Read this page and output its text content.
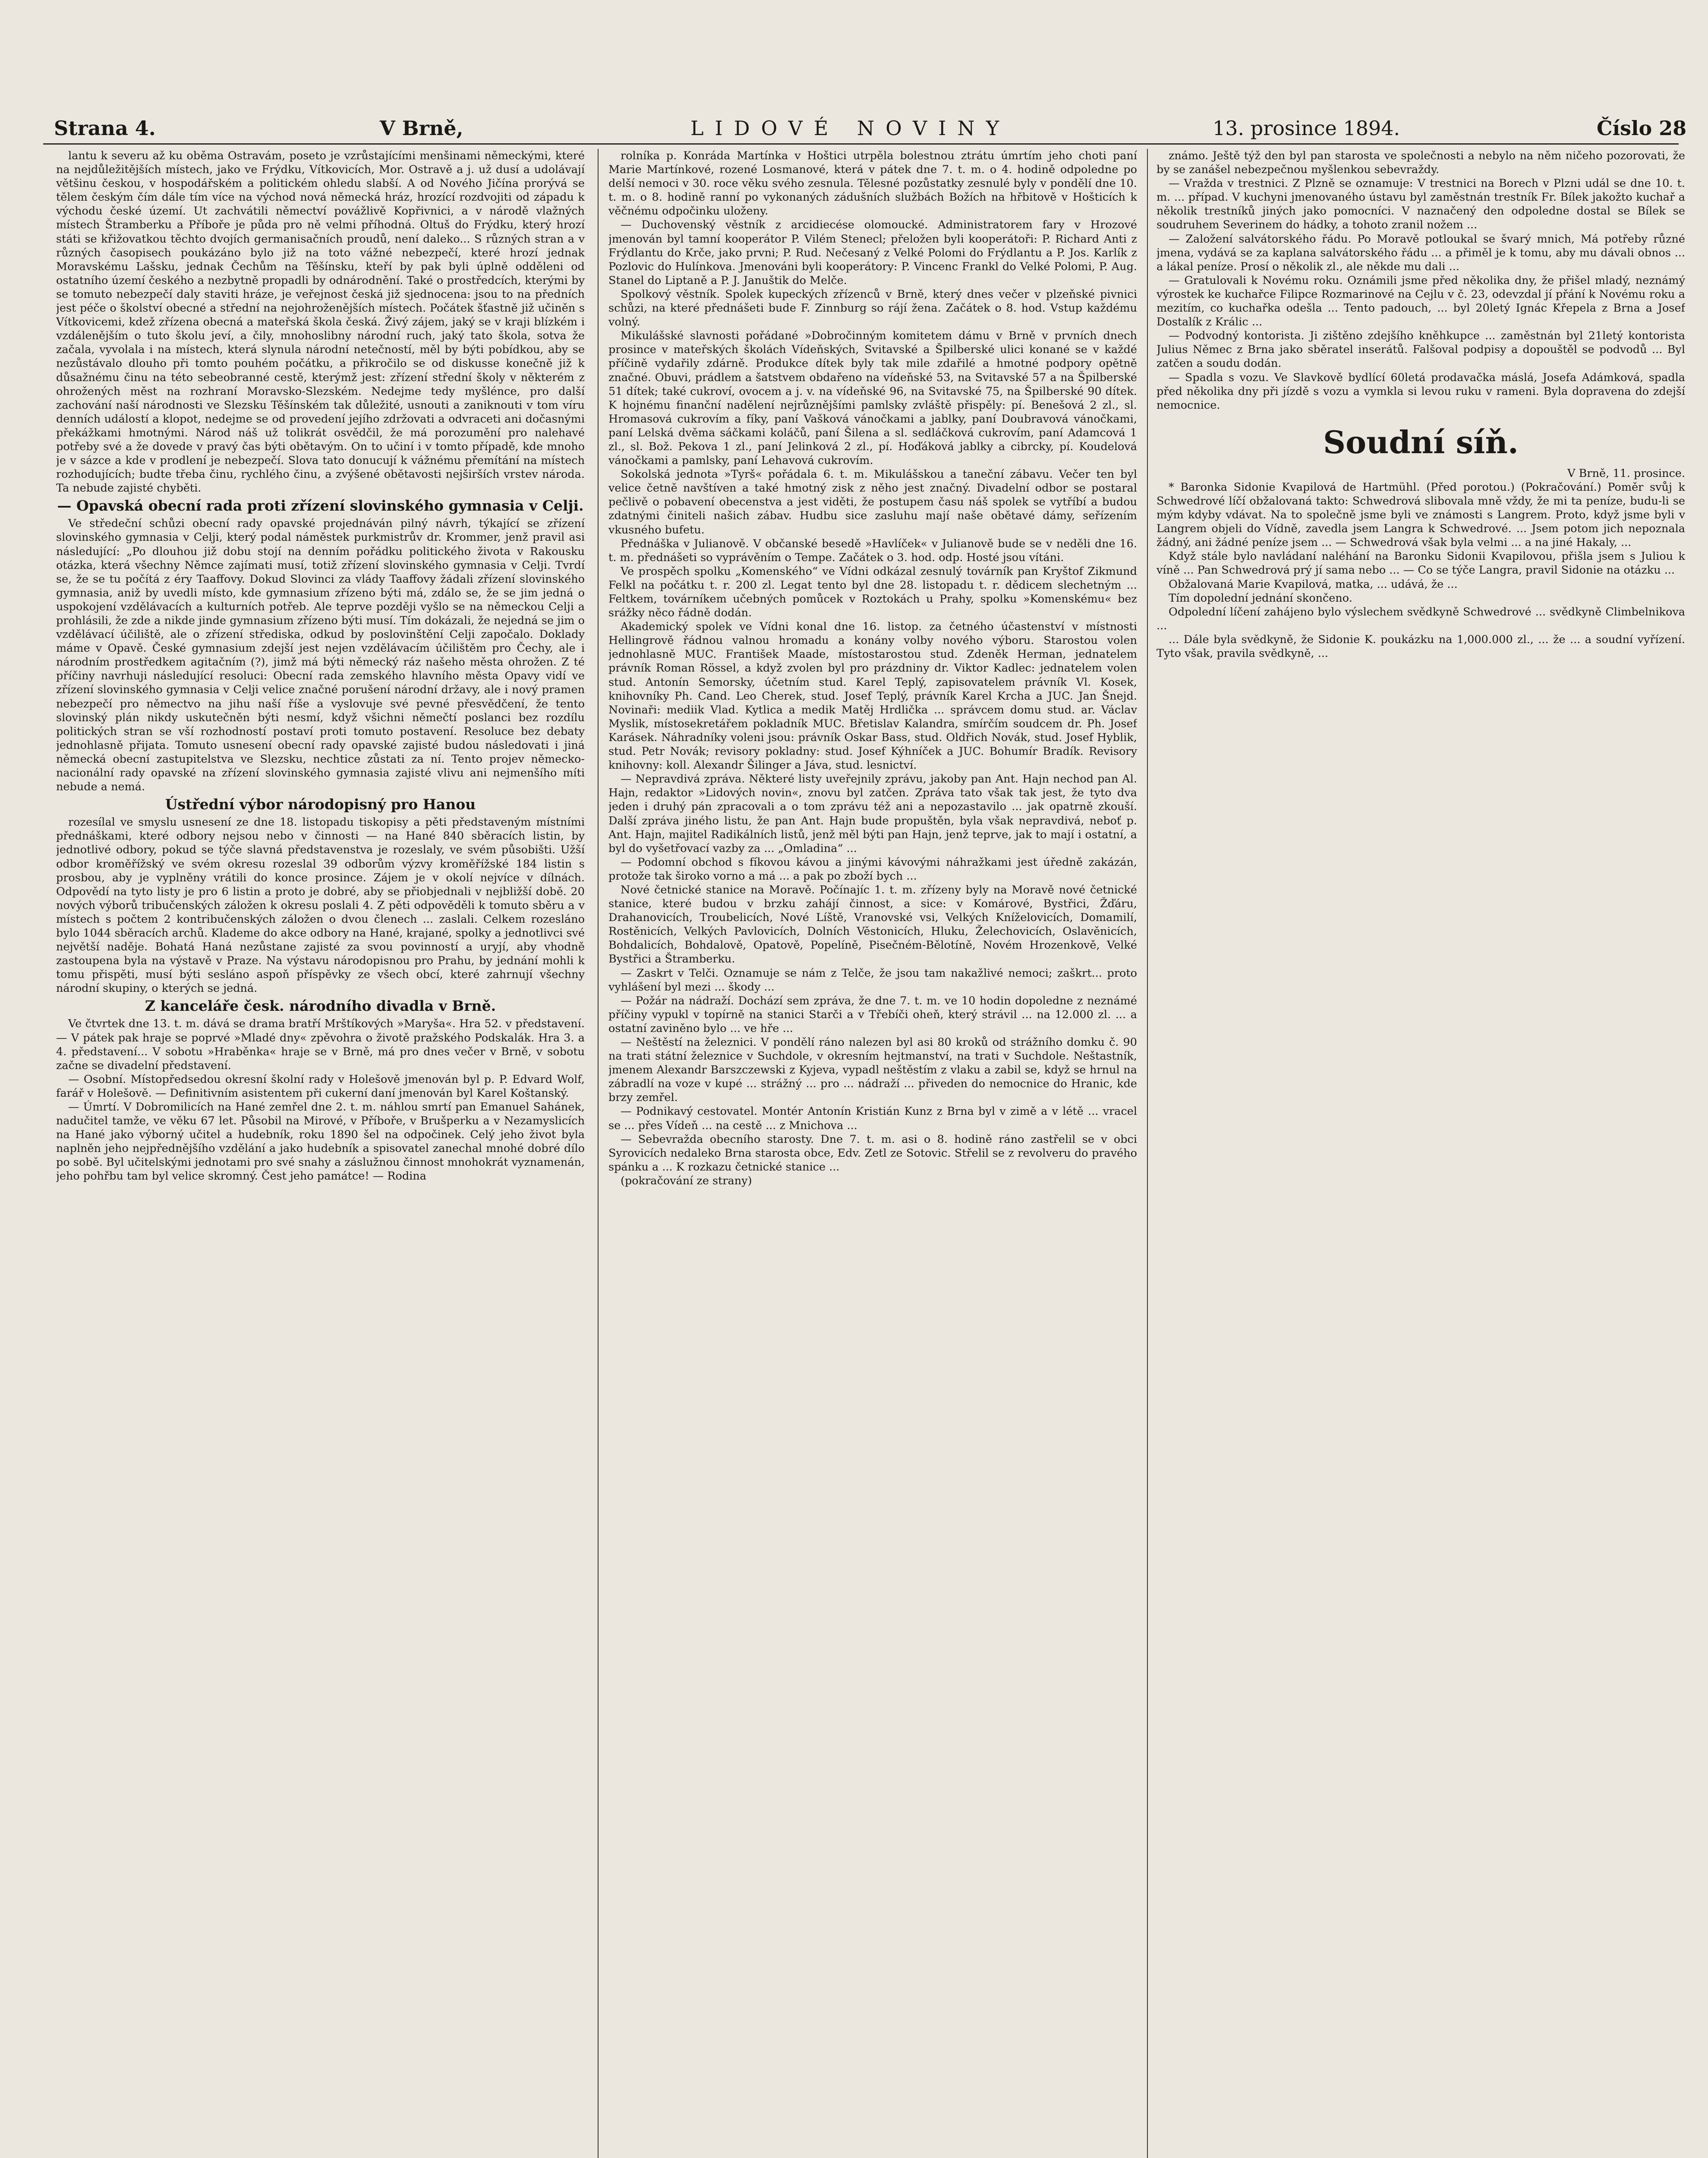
Strana 4.	V Brně,	LIDOVÉ NOVINY	13. prosince 1894.	Číslo 28

lantu k severu až ku oběma Ostravám, poseto je vzrůstajícími menšinami německými, které na nejdůležitějších místech, jako ve Frýdku, Vítkovicích, Mor. Ostravě a j. už dusí a udolávají většinu českou, v hospodářském a politickém ohledu slabší. A od Nového Jičína prorývá se tělem českým čím dále tím více na východ nová německá hráz, hrozící rozdvojiti od západu k východu české území. Ut zachvátili němectví povážlivě Kopřivnici, a v národě vlažných místech Štramberku a Příboře je půda pro ně velmi příhodná. Oltuš do Frýdku, který hrozí státi se křižovatkou těchto dvojích germanisačních proudů, není daleko... S různých stran a v různých časopisech poukázáno bylo již na toto vážné nebezpečí, které hrozí jednak Moravskému Lašsku, jednak Čechům na Těšínsku, kteří by pak byli úplně odděleni od ostatního území českého a nezbytně propadli by odnárodnění. Také o prostředcích, kterými by se tomuto nebezpečí daly staviti hráze, je veřejnost česká již sjednocena: jsou to na předních jest péče o školství obecné a střední na nejohroženějších místech. Počátek šťastně již učiněn s Vítkovicemi, kdež zřízena obecná a mateřská škola česká. Živý zájem, jaký se v kraji blízkém i vzdálenějším o tuto školu jeví, a čily, mnohoslibny národní ruch, jaký tato škola, sotva že začala, vyvolala i na místech, která slynula národní netečností, měl by býti pobídkou, aby se nezůstávalo dlouho při tomto pouhém počátku, a přikročilo se od diskusse konečně již k důsažnému činu na této sebeobranné cestě, kterýmž jest: zřízení střední školy v některém z ohrožených měst na rozhraní Moravsko-Slezském. Nedejme tedy myšlénce, pro další zachování naší národnosti ve Slezsku Těšínském tak důležité, usnouti a zaniknouti v tom víru denních událostí a klopot, nedejme se od provedení jejího zdržovati a odvraceti ani dočasnými překážkami hmotnými. Národ náš už tolikrát osvědčil, že má porozumění pro nalehavé potřeby své a že dovede v pravý čas býti obětavým. On to učiní i v tomto případě, kde mnoho je v sázce a kde v prodlení je nebezpečí. Slova tato donucují k vážnému přemítání na místech rozhodujících; budte třeba činu, rychlého činu, a zvýšené obětavosti nejširších vrstev národa. Ta nebude zajisté chyběti.

— Opavská obecní rada proti zřízení slovinského gymnasia v Celji.

Ve středeční schůzi obecní rady opavské projednáván pilný návrh, týkající se zřízení slovinského gymnasia v Celji, který podal náměstek purkmistrův dr. Krommer, jenž pravil asi následující: „Po dlouhou již dobu stojí na denním pořádku politického života v Rakousku otázka, která všechny Němce zajímati musí, totiž zřízení slovinského gymnasia v Celji. Tvrdí se, že se tu počítá z éry Taaffovy. Dokud Slovinci za vlády Taaffovy žádali zřízení slovinského gymnasia, aniž by uvedli místo, kde gymnasium zřízeno býti má, zdálo se, že se jim jedná o uspokojení vzdělávacích a kulturních potřeb. Ale teprve později vyšlo se na německou Celji a prohlásili, že zde a nikde jinde gymnasium zřízeno býti musí. Tím dokázali, že nejedná se jim o vzdělávací účiliště, ale o zřízení střediska, odkud by poslovinštění Celji započalo. Doklady máme v Opavě. České gymnasium zdejší jest nejen vzdělávacím účilištěm pro Čechy, ale i národním prostředkem agitačním (?), jimž má býti německý ráz našeho města ohrožen. Z té příčiny navrhuji následující resoluci: Obecní rada zemského hlavního města Opavy vidí ve zřízení slovinského gymnasia v Celji velice značné porušení národní državy, ale i nový pramen nebezpečí pro němectvo na jihu naší říše a vyslovuje své pevné přesvědčení, že tento slovinský plán nikdy uskutečněn býti nesmí, když všichni němečtí poslanci bez rozdílu politických stran se vší rozhodností postaví proti tomuto postavení. Resoluce bez debaty jednohlasně přijata. Tomuto usnesení obecní rady opavské zajisté budou následovati i jiná německá obecní zastupitelstva ve Slezsku, nechtice zůstati za ní. Tento projev německo-nacionální rady opavské na zřízení slovinského gymnasia zajisté vlivu ani nejmenšího míti nebude a nemá.

Ústřední výbor národopisný pro Hanou

rozesílal ve smyslu usnesení ze dne 18. listopadu tiskopisy a pěti představeným místními přednáškami, které odbory nejsou nebo v činnosti — na Hané 840 sběracích listin, by jednotlivé odbory, pokud se týče slavná představenstva je rozeslaly, ve svém působišti. Užší odbor kroměřížský ve svém okresu rozeslal 39 odborům výzvy kroměřížské 184 listin s prosbou, aby je vyplněny vrátili do konce prosince. Zájem je v okolí nejvíce v dílnách. Odpovědí na tyto listy je pro 6 listin a proto je dobré, aby se přiobjednali v nejbližší době. 20 nových výborů tribučenských záložen k okresu poslali 4. Z pěti odpověděli k tomuto sběru a v místech s počtem 2 kontribučenských záložen o dvou členech ... zaslali. Celkem rozesláno bylo 1044 sběracích archů. Klademe do akce odbory na Hané, krajané, spolky a jednotlivci své největší naděje. Bohatá Haná nezůstane zajisté za svou povinností a uryjí, aby vhodně zastoupena byla na výstavě v Praze. Na výstavu národopisnou pro Prahu, by jednání mohli k tomu přispěti, musí býti sesláno aspoň příspěvky ze všech obcí, které zahrnují všechny národní skupiny, o kterých se jedná.

Z kanceláře česk. národního divadla v Brně.

Ve čtvrtek dne 13. t. m. dává se drama bratří Mrštíkových »Maryša«. Hra 52. v představení. — V pátek pak hraje se poprvé »Mladé dny« zpěvohra o životě pražského Podskalák. Hra 3. a 4. představení... V sobotu »Hraběnka« hraje se v Brně, má pro dnes večer v Brně, v sobotu začne se divadelní představení.

— Osobní. Místopředsedou okresní školní rady v Holešově jmenován byl p. P. Edvard Wolf, farář v Holešově. — Definitivním asistentem při cukerní daní jmenován byl Karel Koštanský.

— Úmrtí. V Dobromilicích na Hané zemřel dne 2. t. m. náhlou smrtí pan Emanuel Sahánek, nadučitel tamže, ve věku 67 let. Působil na Mirové, v Příboře, v Brušperku a v Nezamyslicích na Hané jako výborný učitel a hudebník, roku 1890 šel na odpočinek. Celý jeho život byla naplněn jeho nejpřednějšího vzdělání a jako hudebník a spisovatel zanechal mnohé dobré dílo po sobě. Byl učitelskými jednotami pro své snahy a záslužnou činnost mnohokrát vyznamenán, jeho pohřbu tam byl velice skromný. Čest jeho památce! — Rodina

rolníka p. Konráda Martínka v Hoštici utrpěla bolestnou ztrátu úmrtím jeho choti paní Marie Martínkové, rozené Losmanové, která v pátek dne 7. t. m. o 4. hodině odpoledne po delší nemoci v 30. roce věku svého zesnula. Tělesné pozůstatky zesnulé byly v pondělí dne 10. t. m. o 8. hodině ranní po vykonaných zádušních službách Božích na hřbitově v Hošticích k věčnému odpočinku uloženy.

— Duchovenský věstník z arcidiecése olomoucké. Administratorem fary v Hrozové jmenován byl tamní kooperátor P. Vilém Stenecl; přeložen byli kooperátoři: P. Richard Anti z Frýdlantu do Krče, jako prvni; P. Rud. Nečesaný z Velké Polomi do Frýdlantu a P. Jos. Karlík z Pozlovic do Hulínkova. Jmenováni byli kooperátory: P. Vincenc Frankl do Velké Polomi, P. Aug. Stanel do Liptaně a P. J. Januštik do Melče.

Spolkový věstník. Spolek kupeckých zřízenců v Brně, který dnes večer v plzeňské pivnici schůzi, na které přednášeti bude F. Zinnburg so rájí žena. Začátek o 8. hod. Vstup každému volný.

Mikulášské slavnosti pořádané »Dobročinným komitetem dámu v Brně v prvních dnech prosince v mateřských školách Vídeňských, Svitavské a Špilberské ulici konané se v každé příčině vydařily zdárně. Produkce dítek byly tak mile zdařilé a hmotné podpory opětně značné. Obuvi, prádlem a šatstvem obdařeno na vídeňské 53, na Svitavské 57 a na Špilberské 51 dítek; také cukroví, ovocem a j. v. na vídeňské 96, na Svitavské 75, na Špilberské 90 dítek. K hojnému finanční nadělení nejrůznějšími pamlsky zvláště přispěly: pí. Benešová 2 zl., sl. Hromasová cukrovím a fíky, paní Vašková vánočkami a jablky, paní Doubravová vánočkami, paní Lelská dvěma sáčkami koláčů, paní Šilena a sl. sedláčková cukrovím, paní Adamcová 1 zl., sl. Bož. Pekova 1 zl., paní Jelinková 2 zl., pí. Hoďáková jablky a cibrcky, pí. Koudelová vánočkami a pamlsky, paní Lehavová cukrovím.

Sokolská jednota »Tyrš« pořádala 6. t. m. Mikulášskou a taneční zábavu. Večer ten byl velice četně navštíven a také hmotný zisk z něho jest značný. Divadelní odbor se postaral pečlivě o pobavení obecenstva a jest viděti, že postupem času náš spolek se vytříbí a budou zdatnými činiteli našich zábav. Hudbu sice zasluhu mají naše obětavé dámy, seřízením vkusného bufetu.

Přednáška v Julianově. V občanské besedě »Havlíček« v Julianově bude se v neděli dne 16. t. m. přednášeti so vyprávěním o Tempe. Začátek o 3. hod. odp. Hosté jsou vítáni.

Ve prospěch spolku „Komenského“ ve Vídni odkázal zesnulý továrník pan Kryštof Zikmund Felkl na počátku t. r. 200 zl. Legat tento byl dne 28. listopadu t. r. dědicem slechetným ... Feltkem, továrníkem učebných pomůcek v Roztokách u Prahy, spolku »Komenskému« bez srážky něco řádně dodán.

Akademický spolek ve Vídni konal dne 16. listop. za četného účastenství v místnosti Hellingrově řádnou valnou hromadu a konány volby nového výboru. Starostou volen jednohlasně MUC. František Maade, místostarostou stud. Zdeněk Herman, jednatelem právník Roman Rössel, a když zvolen byl pro prázdniny dr. Viktor Kadlec: jednatelem volen stud. Antonín Semorsky, účetním stud. Karel Teplý, zapisovatelem právník Vl. Kosek, knihovníky Ph. Cand. Leo Cherek, stud. Josef Teplý, právník Karel Krcha a JUC. Jan Šnejd. Novinaři: mediik Vlad. Kytlica a medik Matěj Hrdlička ... správcem domu stud. ar. Václav Myslik, místosekretářem pokladník MUC. Břetislav Kalandra, smírčím soudcem dr. Ph. Josef Karásek. Náhradníky voleni jsou: právník Oskar Bass, stud. Oldřich Novák, stud. Josef Hyblik, stud. Petr Novák; revisory pokladny: stud. Josef Kýhníček a JUC. Bohumír Bradík. Revisory knihovny: koll. Alexandr Šilinger a Jáva, stud. lesnictví.

— Nepravdivá zpráva. Některé listy uveřejnily zprávu, jakoby pan Ant. Hajn nechod pan Al. Hajn, redaktor »Lidových novin«, znovu byl zatčen. Zpráva tato však tak jest, že tyto dva jeden i druhý pán zpracovali a o tom zprávu též ani a nepozastavilo ... jak opatrně zkouší. Další zpráva jiného listu, že pan Ant. Hajn bude propuštěn, byla však nepravdivá, neboť p. Ant. Hajn, majitel Radikálních listů, jenž měl býti pan Hajn, jenž teprve, jak to mají i ostatní, a byl do vyšetřovací vazby za ... „Omladina“ ...

— Podomní obchod s fíkovou kávou a jinými kávovými náhražkami jest úředně zakázán, protože tak široko vorno a má ... a pak po zboží bych ...

Nové četnické stanice na Moravě. Počínajíc 1. t. m. zřízeny byly na Moravě nové četnické stanice, které budou v brzku zahájí činnost, a sice: v Komárové, Bystřici, Žďáru, Drahanovicích, Troubelicích, Nové Líště, Vranovské vsi, Velkých Kníželovicích, Domamilí, Rostěnicích, Velkých Pavlovicích, Dolních Věstonicích, Hluku, Želechovicích, Oslavěnicích, Bohdalicích, Bohdalově, Opatově, Popelíně, Pisečném-Bělotíně, Novém Hrozenkově, Velké Bystřici a Štramberku.

— Zaskrt v Telči. Oznamuje se nám z Telče, že jsou tam nakažlivé nemoci; zaškrt... proto vyhlášení byl mezi ... škody ...

— Požár na nádraží. Dochází sem zpráva, že dne 7. t. m. ve 10 hodin dopoledne z neznámé příčiny vypukl v topírně na stanici Starči a v Třebíči oheň, který strávil ... na 12.000 zl. ... a ostatní zaviněno bylo ... ve hře ...

— Neštěstí na železnici. V pondělí ráno nalezen byl asi 80 kroků od strážního domku č. 90 na trati státní železnice v Suchdole, v okresním hejtmanství, na trati v Suchdole. Neštastník, jmenem Alexandr Barszczewski z Kyjeva, vypadl neštěstím z vlaku a zabil se, když se hrnul na zábradlí na voze v kupé ... strážný ... pro ... nádraží ... přiveden do nemocnice do Hranic, kde brzy zemřel.

— Podnikavý cestovatel. Montér Antonín Kristián Kunz z Brna byl v zimě a v létě ... vracel se ... přes Vídeň ... na cestě ... z Mnichova ...

— Sebevražda obecního starosty. Dne 7. t. m. asi o 8. hodině ráno zastřelil se v obci Syrovicích nedaleko Brna starosta obce, Edv. Zetl ze Sotovic. Střelil se z revolveru do pravého spánku a ... K rozkazu četnické stanice ...

(pokračování ze strany)

známo. Ještě týž den byl pan starosta ve společnosti a nebylo na něm ničeho pozorovati, že by se zanášel nebezpečnou myšlenkou sebevraždy.

— Vražda v trestnici. Z Plzně se oznamuje: V trestnici na Borech v Plzni udál se dne 10. t. m. ... případ. V kuchyni jmenovaného ústavu byl zaměstnán trestník Fr. Bílek jakožto kuchař a několik trestníků jiných jako pomocníci. V naznačený den odpoledne dostal se Bílek se soudruhem Severinem do hádky, a tohoto zranil nožem ...

— Založení salvátorského řádu. Po Moravě potloukal se švarý mnich, Má potřeby různé jmena, vydává se za kaplana salvátorského řádu ... a přiměl je k tomu, aby mu dávali obnos ... a lákal peníze. Prosí o několik zl., ale někde mu dali ...

— Gratulovali k Novému roku. Oznámili jsme před několika dny, že přišel mladý, neznámý výrostek ke kuchařce Filipce Rozmarinové na Cejlu v č. 23, odevzdal jí přání k Novému roku a mezitím, co kuchařka odešla ... Tento padouch, ... byl 20letý Ignác Křepela z Brna a Josef Dostalík z Králic ...

— Podvodný kontorista. Ji zištěno zdejšího kněhkupce ... zaměstnán byl 21letý kontorista Julius Němec z Brna jako sběratel inserátů. Falšoval podpisy a dopouštěl se podvodů ... Byl zatčen a soudu dodán.

— Spadla s vozu. Ve Slavkově bydlící 60letá prodavačka máslá, Josefa Adámková, spadla před několika dny při jízdě s vozu a vymkla si levou ruku v rameni. Byla dopravena do zdejší nemocnice.

Soudní síň.

V Brně, 11. prosince.

* Baronka Sidonie Kvapilová de Hartmühl. (Před porotou.) (Pokračování.) Poměr svůj k Schwedrové líčí obžalovaná takto: Schwedrová slibovala mně vždy, že mi ta peníze, budu-li se mým kdyby vdávat. Na to společně jsme byli ve známosti s Langrem. Proto, když jsme byli v Langrem objeli do Vídně, zavedla jsem Langra k Schwedrové. ... Jsem potom jich nepoznala žádný, ani žádné peníze jsem ... — Schwedrová však byla velmi ... a na jiné Hakaly, ...

Když stále bylo navládaní naléhání na Baronku Sidonii Kvapilovou, přišla jsem s Juliou k víně ... Pan Schwedrová prý jí sama nebo ... — Co se týče Langra, pravil Sidonie na otázku ...

Obžalovaná Marie Kvapilová, matka, ... udává, že ...

Tím dopolední jednání skončeno.

Odpolední líčení zahájeno bylo výslechem svědkyně Schwedrové ... svědkyně Climbelnikova ...

... Dále byla svědkyně, že Sidonie K. poukázku na 1,000.000 zl., ... že ... a soudní vyřízení. Tyto však, pravila svědkyně, ...
